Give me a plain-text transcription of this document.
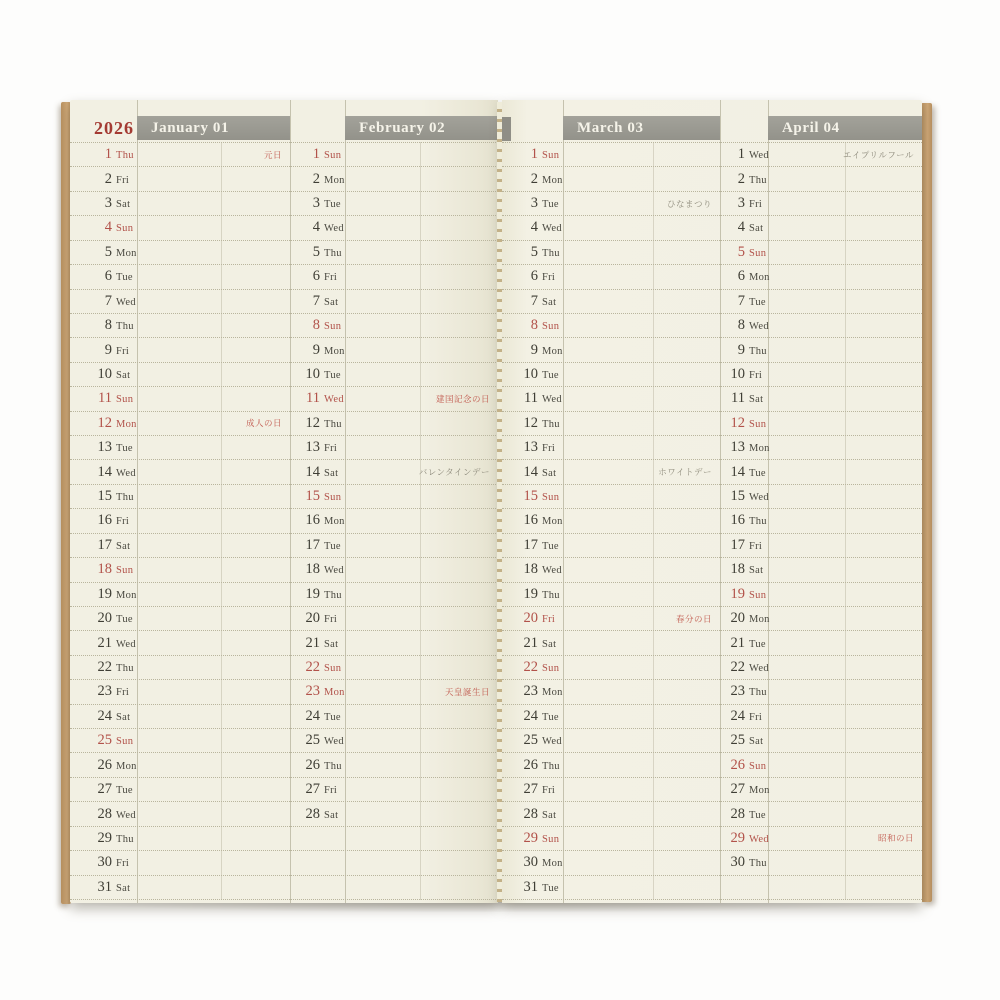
2026 January 01
1 Thu	元日
2 Fri
3 Sat
4 Sun
5 Mon
6 Tue
7 Wed
8 Thu
9 Fri
10 Sat
11 Sun
12 Mon	成人の日
13 Tue
14 Wed
15 Thu
16 Fri
17 Sat
18 Sun
19 Mon
20 Tue
21 Wed
22 Thu
23 Fri
24 Sat
25 Sun
26 Mon
27 Tue
28 Wed
29 Thu
30 Fri
31 Sat
February 02
1 Sun
2 Mon
3 Tue
4 Wed
5 Thu
6 Fri
7 Sat
8 Sun
9 Mon
10 Tue
11 Wed	建国記念の日
12 Thu
13 Fri
14 Sat	バレンタインデー
15 Sun
16 Mon
17 Tue
18 Wed
19 Thu
20 Fri
21 Sat
22 Sun
23 Mon	天皇誕生日
24 Tue
25 Wed
26 Thu
27 Fri
28 Sat
March 03
1 Sun
2 Mon
3 Tue	ひなまつり
4 Wed
5 Thu
6 Fri
7 Sat
8 Sun
9 Mon
10 Tue
11 Wed
12 Thu
13 Fri
14 Sat	ホワイトデー
15 Sun
16 Mon
17 Tue
18 Wed
19 Thu
20 Fri	春分の日
21 Sat
22 Sun
23 Mon
24 Tue
25 Wed
26 Thu
27 Fri
28 Sat
29 Sun
30 Mon
31 Tue
April 04
1 Wed	エイプリルフール
2 Thu
3 Fri
4 Sat
5 Sun
6 Mon
7 Tue
8 Wed
9 Thu
10 Fri
11 Sat
12 Sun
13 Mon
14 Tue
15 Wed
16 Thu
17 Fri
18 Sat
19 Sun
20 Mon
21 Tue
22 Wed
23 Thu
24 Fri
25 Sat
26 Sun
27 Mon
28 Tue
29 Wed	昭和の日
30 Thu
